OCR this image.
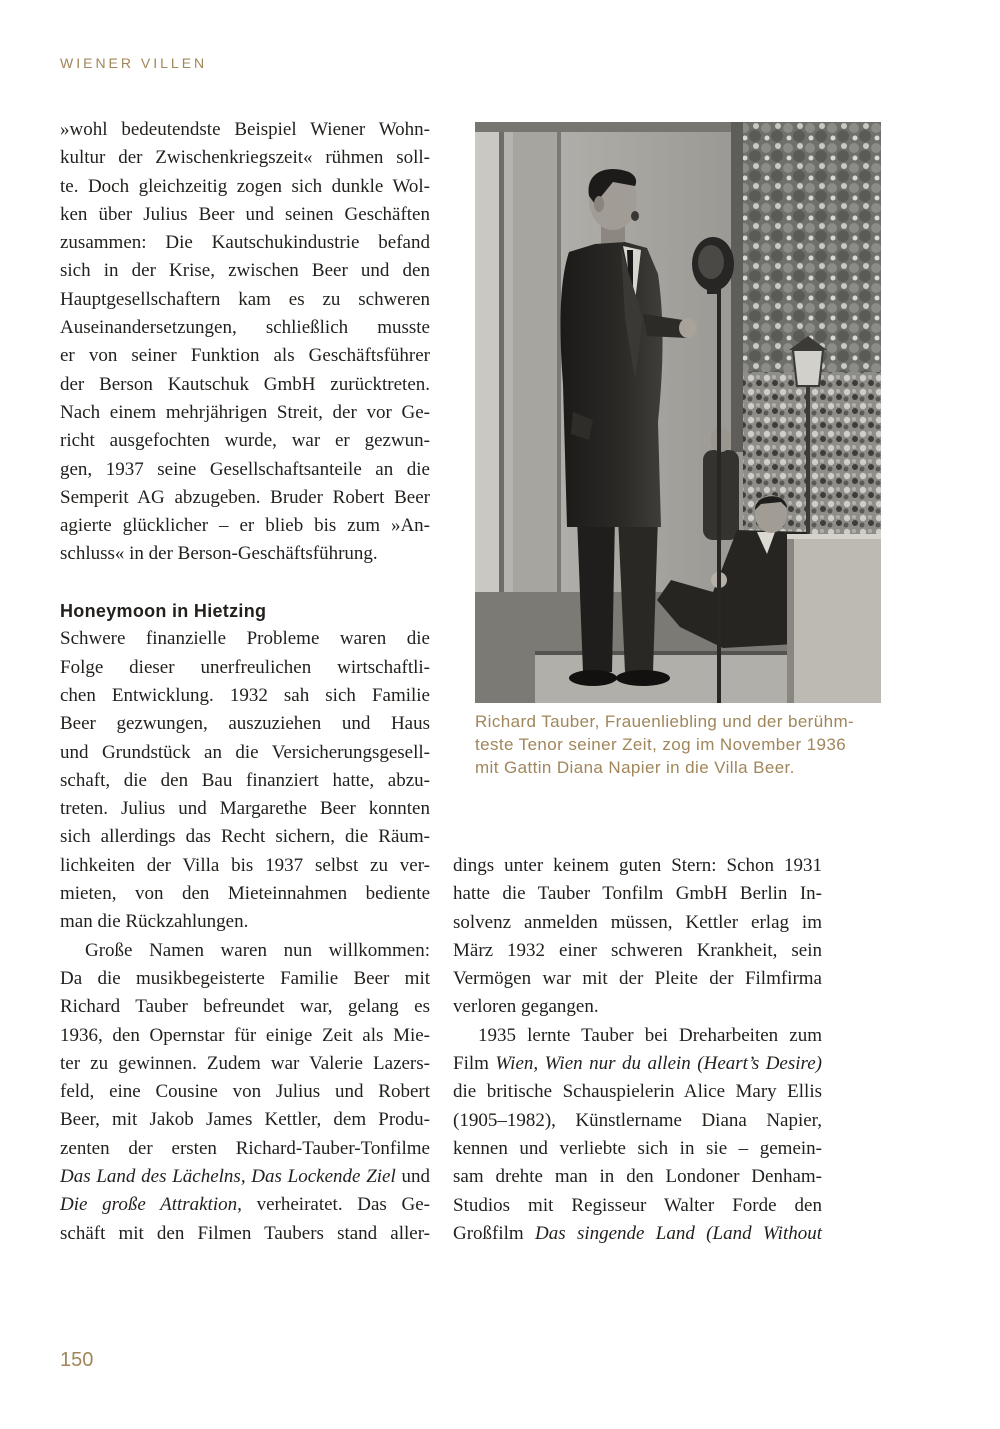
WIENER VILLEN
»wohl bedeutendste Beispiel Wiener Wohn-
kultur der Zwischenkriegszeit« rühmen soll-
te. Doch gleichzeitig zogen sich dunkle Wol-
ken über Julius Beer und seinen Geschäften
zusammen: Die Kautschukindustrie befand
sich in der Krise, zwischen Beer und den
Hauptgesellschaftern kam es zu schweren
Auseinandersetzungen, schließlich musste
er von seiner Funktion als Geschäftsführer
der Berson Kautschuk GmbH zurücktreten.
Nach einem mehrjährigen Streit, der vor Ge-
richt ausgefochten wurde, war er gezwun-
gen, 1937 seine Gesellschaftsanteile an die
Semperit AG abzugeben. Bruder Robert Beer
agierte glücklicher – er blieb bis zum »An-
schluss« in der Berson-Geschäftsführung.
Honeymoon in Hietzing
Schwere finanzielle Probleme waren die
Folge dieser unerfreulichen wirtschaftli-
chen Entwicklung. 1932 sah sich Familie
Beer gezwungen, auszuziehen und Haus
und Grundstück an die Versicherungsgesell-
schaft, die den Bau finanziert hatte, abzu-
treten. Julius und Margarethe Beer konnten
sich allerdings das Recht sichern, die Räum-
lichkeiten der Villa bis 1937 selbst zu ver-
mieten, von den Mieteinnahmen bediente
man die Rückzahlungen.
Große Namen waren nun willkommen:
Da die musikbegeisterte Familie Beer mit
Richard Tauber befreundet war, gelang es
1936, den Opernstar für einige Zeit als Mie-
ter zu gewinnen. Zudem war Valerie Lazers-
feld, eine Cousine von Julius und Robert
Beer, mit Jakob James Kettler, dem Produ-
zenten der ersten Richard-Tauber-Tonfilme
Das Land des Lächelns, Das Lockende Ziel und
Die große Attraktion, verheiratet. Das Ge-
schäft mit den Filmen Taubers stand aller-
Richard Tauber, Frauenliebling und der berühm-
teste Tenor seiner Zeit, zog im November 1936
mit Gattin Diana Napier in die Villa Beer.
dings unter keinem guten Stern: Schon 1931
hatte die Tauber Tonfilm GmbH Berlin In-
solvenz anmelden müssen, Kettler erlag im
März 1932 einer schweren Krankheit, sein
Vermögen war mit der Pleite der Filmfirma
verloren gegangen.
1935 lernte Tauber bei Dreharbeiten zum
Film Wien, Wien nur du allein (Heart’s Desire)
die britische Schauspielerin Alice Mary Ellis
(1905–1982), Künstlername Diana Napier,
kennen und verliebte sich in sie – gemein-
sam drehte man in den Londoner Denham-
Studios mit Regisseur Walter Forde den
Großfilm Das singende Land (Land Without
150
